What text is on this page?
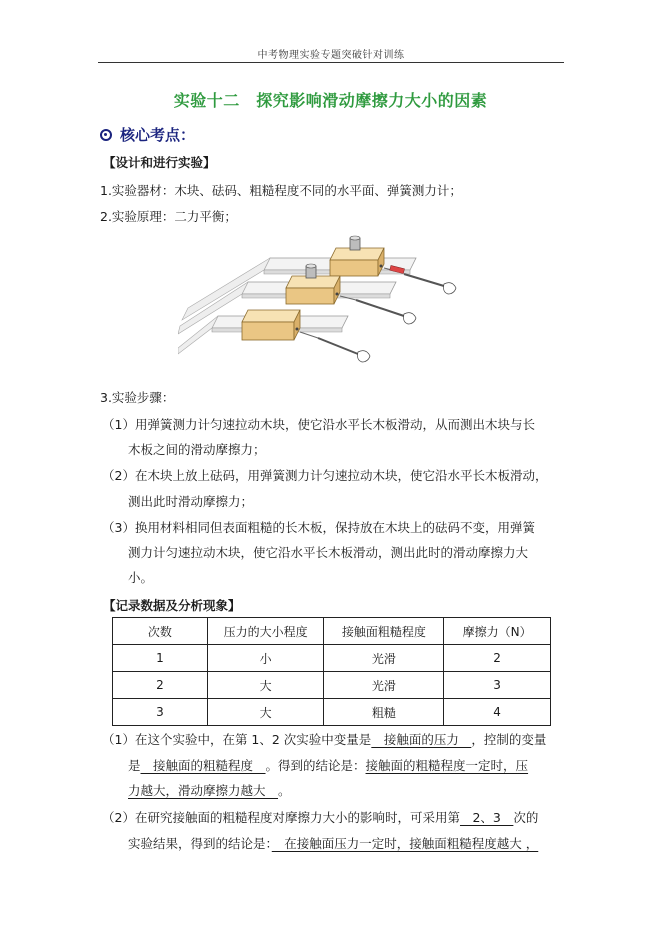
中考物理实验专题突破针对训练
实验十二　探究影响滑动摩擦力大小的因素
核心考点：
【设计和进行实验】
1.实验器材：木块、砝码、粗糙程度不同的水平面、弹簧测力计；
2.实验原理：二力平衡；
3.实验步骤：
（1）用弹簧测力计匀速拉动木块，使它沿水平长木板滑动，从而测出木块与长
木板之间的滑动摩擦力；
（2）在木块上放上砝码，用弹簧测力计匀速拉动木块，使它沿水平长木板滑动，
测出此时滑动摩擦力；
（3）换用材料相同但表面粗糙的长木板，保持放在木块上的砝码不变，用弹簧
测力计匀速拉动木块，使它沿水平长木板滑动，测出此时的滑动摩擦力大
小。
【记录数据及分析现象】
次数	压力的大小程度	接触面粗糙程度	摩擦力（N）
1	小	光滑	2
2	大	光滑	3
3	大	粗糙	4
（1）在这个实验中，在第 1、2 次实验中变量是　接触面的压力　，控制的变量
是　接触面的粗糙程度　。得到的结论是：接触面的粗糙程度一定时，压
力越大，滑动摩擦力越大　。
（2）在研究接触面的粗糙程度对摩擦力大小的影响时，可采用第　2、3　次的
实验结果，得到的结论是：　在接触面压力一定时，接触面粗糙程度越大 ，
